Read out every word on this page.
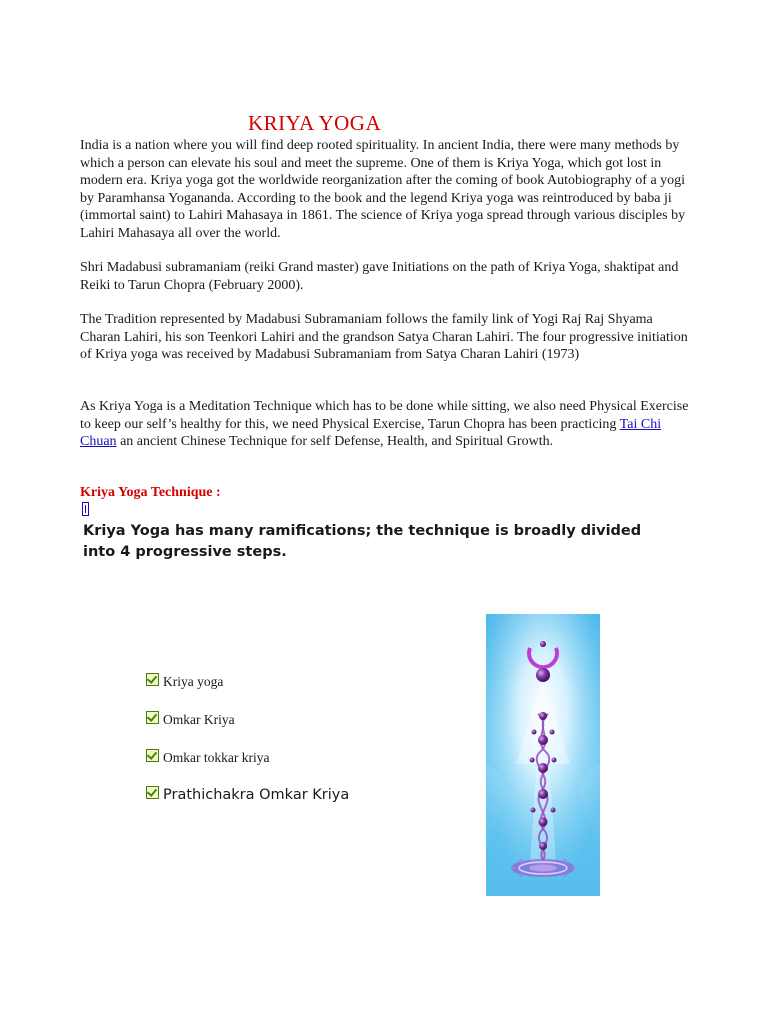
KRIYA YOGA

India is a nation where you will find deep rooted spirituality. In ancient India, there were many methods by which a person can elevate his soul and meet the supreme. One of them is Kriya Yoga, which got lost in modern era. Kriya yoga got the worldwide reorganization after the coming of book Autobiography of a yogi by Paramhansa Yogananda. According to the book and the legend Kriya yoga was reintroduced by baba ji (immortal saint) to Lahiri Mahasaya in 1861. The science of Kriya yoga spread through various disciples by Lahiri Mahasaya all over the world.

Shri Madabusi subramaniam (reiki Grand master) gave Initiations on the path of Kriya Yoga, shaktipat and Reiki to Tarun Chopra (February 2000).

The Tradition represented by Madabusi Subramaniam follows the family link of Yogi Raj Raj Shyama Charan Lahiri, his son Teenkori Lahiri and the grandson Satya Charan Lahiri. The four progressive initiation of Kriya yoga was received by Madabusi Subramaniam from Satya Charan Lahiri (1973)

As Kriya Yoga is a Meditation Technique which has to be done while sitting, we also need Physical Exercise to keep our self’s healthy for this, we need Physical Exercise, Tarun Chopra has been practicing Tai Chi Chuan an ancient Chinese Technique for self Defense, Health, and Spiritual Growth.

Kriya Yoga Technique :

Kriya Yoga has many ramifications; the technique is broadly divided into 4 progressive steps.

Kriya yoga
Omkar Kriya
Omkar tokkar kriya
Prathichakra Omkar Kriya
